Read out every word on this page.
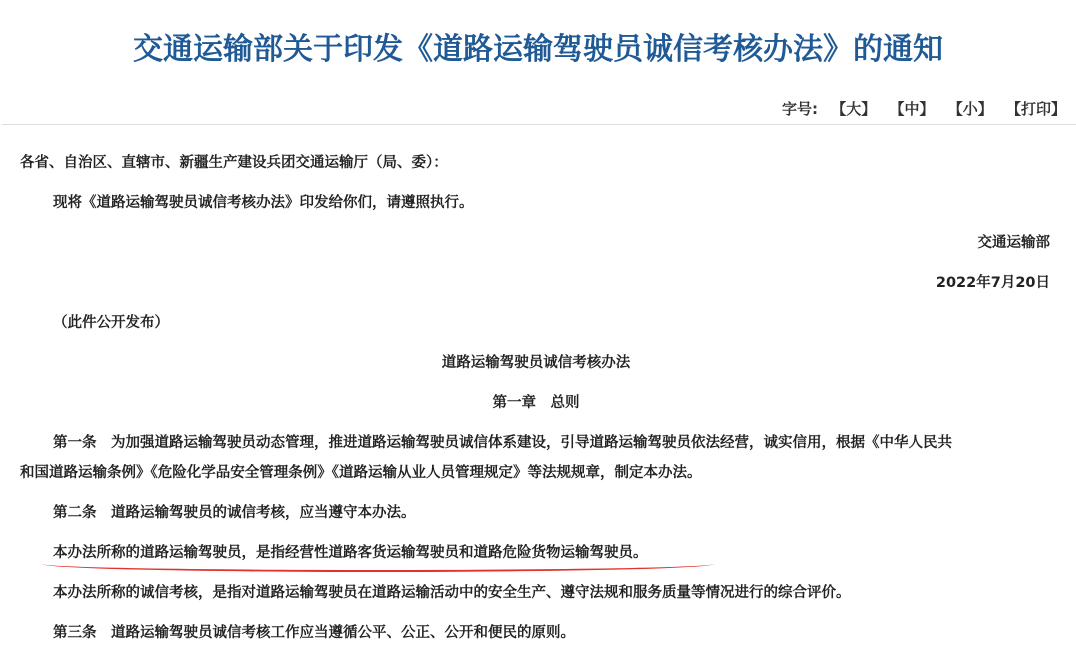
交通运输部关于印发《道路运输驾驶员诚信考核办法》的通知
字号: 【大】 【中】 【小】 【打印】
各省、自治区、直辖市、新疆生产建设兵团交通运输厅（局、委）：
现将《道路运输驾驶员诚信考核办法》印发给你们，请遵照执行。
交通运输部
2022年7月20日
（此件公开发布）
道路运输驾驶员诚信考核办法
第一章　总则
第一条　为加强道路运输驾驶员动态管理，推进道路运输驾驶员诚信体系建设，引导道路运输驾驶员依法经营，诚实信用，根据《中华人民共
和国道路运输条例》《危险化学品安全管理条例》《道路运输从业人员管理规定》等法规规章，制定本办法。
第二条　道路运输驾驶员的诚信考核，应当遵守本办法。
本办法所称的道路运输驾驶员，是指经营性道路客货运输驾驶员和道路危险货物运输驾驶员。
本办法所称的诚信考核，是指对道路运输驾驶员在道路运输活动中的安全生产、遵守法规和服务质量等情况进行的综合评价。
第三条　道路运输驾驶员诚信考核工作应当遵循公平、公正、公开和便民的原则。
